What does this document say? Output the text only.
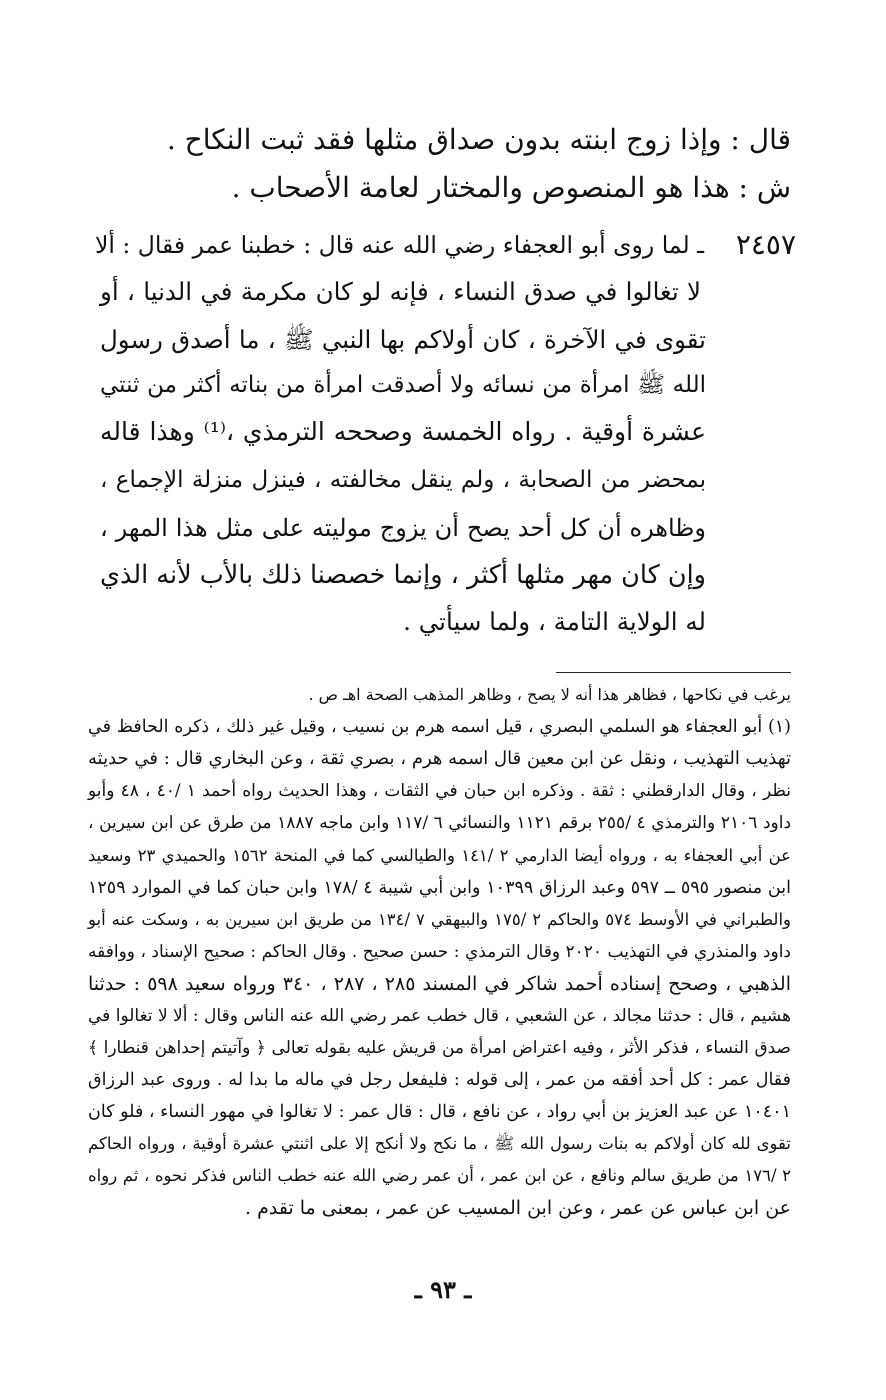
قال : وإذا زوج ابنته بدون صداق مثلها فقد ثبت النكاح .
ش : هذا هو المنصوص والمختار لعامة الأصحاب .
٢٤٥٧
ـ لما روى أبو العجفاء رضي الله عنه قال : خطبنا عمر فقال : ألا
لا تغالوا في صدق النساء ، فإنه لو كان مكرمة في الدنيا ، أو
تقوى في الآخرة ، كان أولاكم بها النبي ﷺ ، ما أصدق رسول
الله ﷺ امرأة من نسائه ولا أصدقت امرأة من بناته أكثر من ثنتي
عشرة أوقية . رواه الخمسة وصححه الترمذي ،⁽¹⁾ وهذا قاله
بمحضر من الصحابة ، ولم ينقل مخالفته ، فينزل منزلة الإجماع ،
وظاهره أن كل أحد يصح أن يزوج موليته على مثل هذا المهر ،
وإن كان مهر مثلها أكثر ، وإنما خصصنا ذلك بالأب لأنه الذي
له الولاية التامة ، ولما سيأتي .
يرغب في نكاحها ، فظاهر هذا أنه لا يصح ، وظاهر المذهب الصحة اهـ ص .
(١) أبو العجفاء هو السلمي البصري ، قيل اسمه هرم بن نسيب ، وقيل غير ذلك ، ذكره الحافظ في
تهذيب التهذيب ، ونقل عن ابن معين قال اسمه هرم ، بصري ثقة ، وعن البخاري قال : في حديثه
نظر ، وقال الدارقطني : ثقة . وذكره ابن حبان في الثقات ، وهذا الحديث رواه أحمد ١ /٤٠ ، ٤٨ وأبو
داود ٢١٠٦ والترمذي ٤ /٢٥٥ برقم ١١٢١ والنسائي ٦ /١١٧ وابن ماجه ١٨٨٧ من طرق عن ابن سيرين ،
عن أبي العجفاء به ، ورواه أيضا الدارمي ٢ /١٤١ والطيالسي كما في المنحة ١٥٦٢ والحميدي ٢٣ وسعيد
ابن منصور ٥٩٥ ــ ٥٩٧ وعبد الرزاق ١٠٣٩٩ وابن أبي شيبة ٤ /١٧٨ وابن حبان كما في الموارد ١٢٥٩
والطبراني في الأوسط ٥٧٤ والحاكم ٢ /١٧٥ والبيهقي ٧ /١٣٤ من طريق ابن سيرين به ، وسكت عنه أبو
داود والمنذري في التهذيب ٢٠٢٠ وقال الترمذي : حسن صحيح . وقال الحاكم : صحيح الإسناد ، ووافقه
الذهبي ، وصحح إسناده أحمد شاكر في المسند ٢٨٥ ، ٢٨٧ ، ٣٤٠ ورواه سعيد ٥٩٨ : حدثنا
هشيم ، قال : حدثنا مجالد ، عن الشعبي ، قال خطب عمر رضي الله عنه الناس وقال : ألا لا تغالوا في
صدق النساء ، فذكر الأثر ، وفيه اعتراض امرأة من قريش عليه بقوله تعالى ﴿ وآتيتم إحداهن قنطارا ﴾
فقال عمر : كل أحد أفقه من عمر ، إلى قوله : فليفعل رجل في ماله ما بدا له . وروى عبد الرزاق
١٠٤٠١ عن عبد العزيز بن أبي رواد ، عن نافع ، قال : قال عمر : لا تغالوا في مهور النساء ، فلو كان
تقوى لله كان أولاكم به بنات رسول الله ﷺ ، ما نكح ولا أنكح إلا على اثنتي عشرة أوقية ، ورواه الحاكم
٢ /١٧٦ من طريق سالم ونافع ، عن ابن عمر ، أن عمر رضي الله عنه خطب الناس فذكر نحوه ، ثم رواه
عن ابن عباس عن عمر ، وعن ابن المسيب عن عمر ، بمعنى ما تقدم .
ـ ٩٣ ـ
